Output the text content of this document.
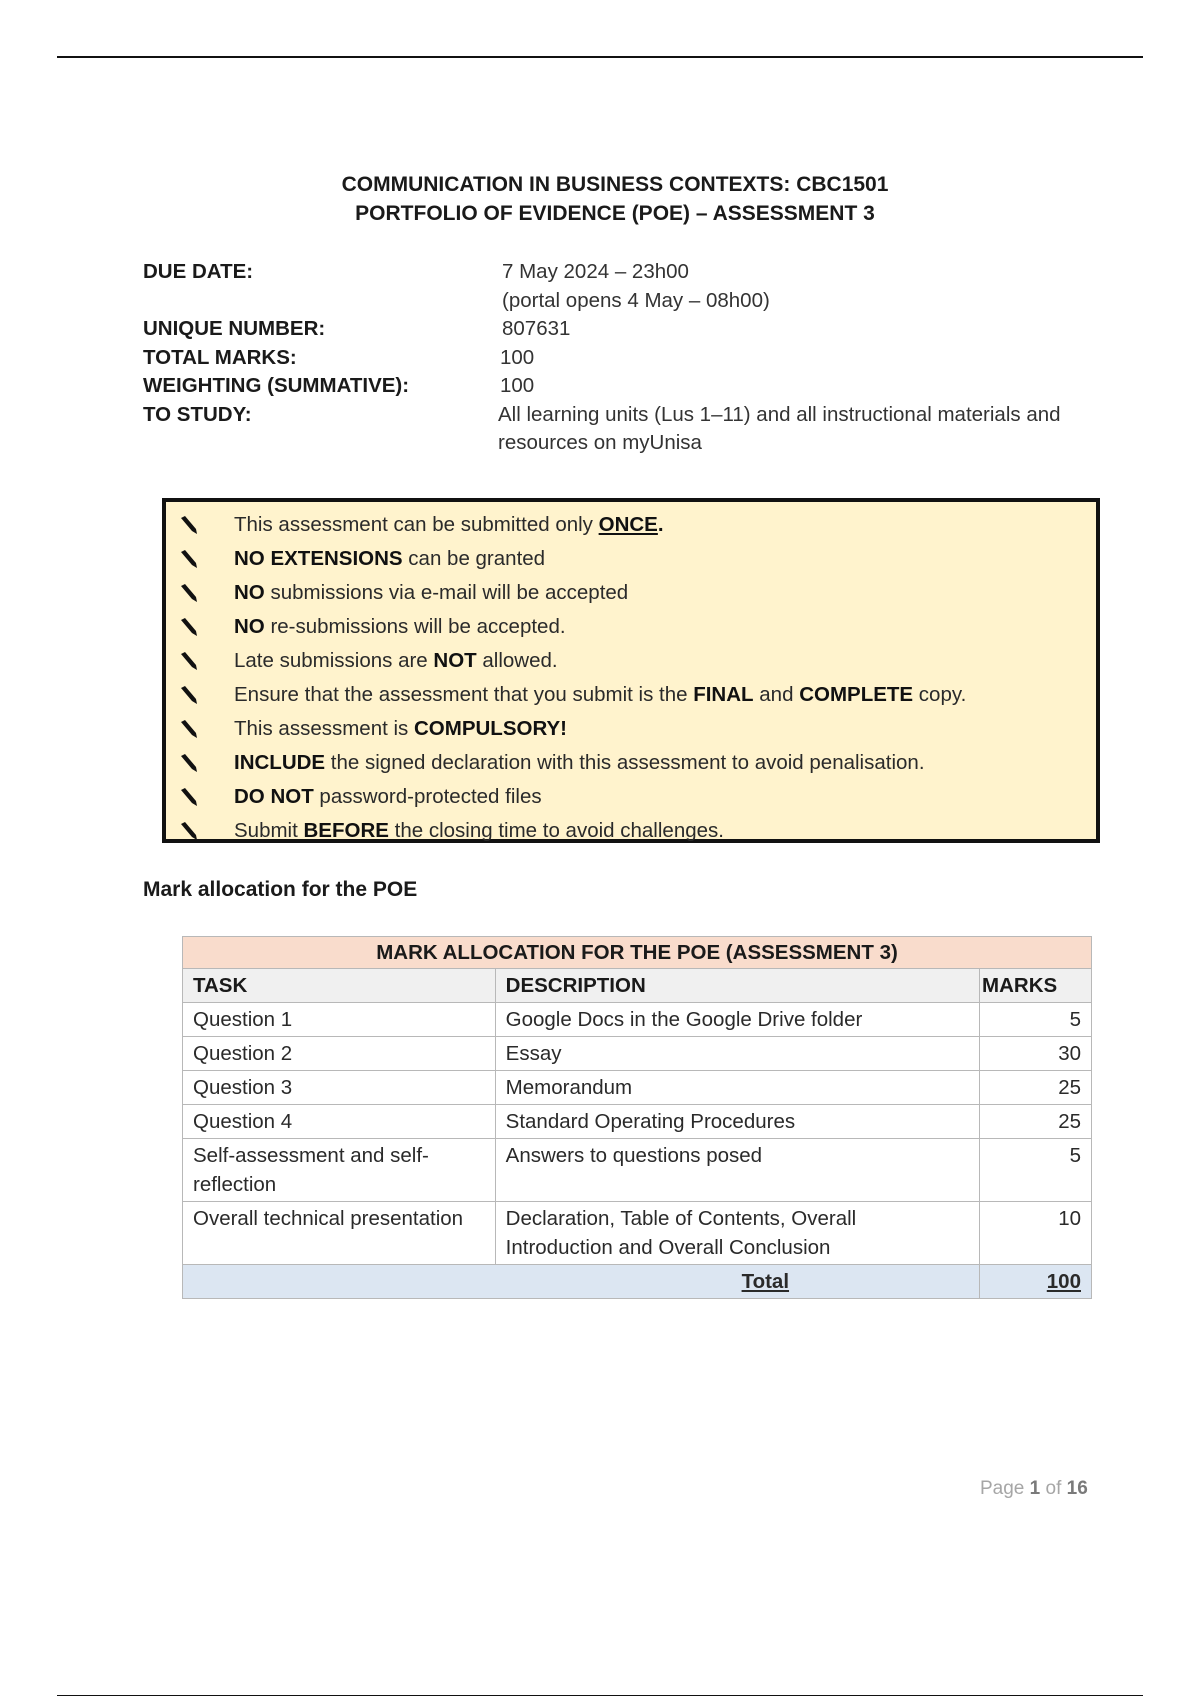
COMMUNICATION IN BUSINESS CONTEXTS: CBC1501
PORTFOLIO OF EVIDENCE (POE) – ASSESSMENT 3
DUE DATE:	7 May 2024 – 23h00
(portal opens 4 May – 08h00)
UNIQUE NUMBER:	807631
TOTAL MARKS:	100
WEIGHTING (SUMMATIVE):	100
TO STUDY:	All learning units (Lus 1–11) and all instructional materials and resources on myUnisa
This assessment can be submitted only ONCE.
NO EXTENSIONS can be granted
NO submissions via e-mail will be accepted
NO re-submissions will be accepted.
Late submissions are NOT allowed.
Ensure that the assessment that you submit is the FINAL and COMPLETE copy.
This assessment is COMPULSORY!
INCLUDE the signed declaration with this assessment to avoid penalisation.
DO NOT password-protected files
Submit BEFORE the closing time to avoid challenges.
Mark allocation for the POE
MARK ALLOCATION FOR THE POE (ASSESSMENT 3)		
TASK	DESCRIPTION	MARKS
Question 1	Google Docs in the Google Drive folder	5
Question 2	Essay	30
Question 3	Memorandum	25
Question 4	Standard Operating Procedures	25
Self-assessment and self-reflection	Answers to questions posed	5
Overall technical presentation	Declaration, Table of Contents, Overall Introduction and Overall Conclusion	10
Total		100
Page 1 of 16
